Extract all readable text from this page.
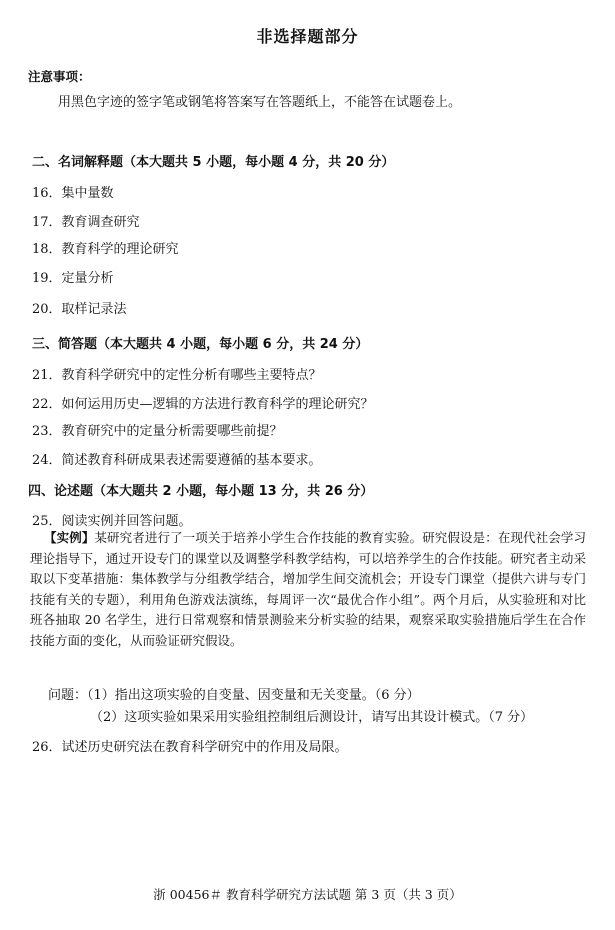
非选择题部分
注意事项：
用黑色字迹的签字笔或钢笔将答案写在答题纸上，不能答在试题卷上。
二、名词解释题（本大题共 5 小题，每小题 4 分，共 20 分）
16．集中量数
17．教育调查研究
18．教育科学的理论研究
19．定量分析
20．取样记录法
三、简答题（本大题共 4 小题，每小题 6 分，共 24 分）
21．教育科学研究中的定性分析有哪些主要特点？
22．如何运用历史—逻辑的方法进行教育科学的理论研究？
23．教育研究中的定量分析需要哪些前提？
24．简述教育科研成果表述需要遵循的基本要求。
四、论述题（本大题共 2 小题，每小题 13 分，共 26 分）
25．阅读实例并回答问题。
【实例】某研究者进行了一项关于培养小学生合作技能的教育实验。研究假设是：在现代社会学习理论指导下，通过开设专门的课堂以及调整学科教学结构，可以培养学生的合作技能。研究者主动采取以下变革措施：集体教学与分组教学结合，增加学生间交流机会；开设专门课堂（提供六讲与专门技能有关的专题），利用角色游戏法演练，每周评一次“最优合作小组”。两个月后，从实验班和对比班各抽取 20 名学生，进行日常观察和情景测验来分析实验的结果，观察采取实验措施后学生在合作技能方面的变化，从而验证研究假设。
问题：（1）指出这项实验的自变量、因变量和无关变量。（6 分）
（2）这项实验如果采用实验组控制组后测设计，请写出其设计模式。（7 分）
26．试述历史研究法在教育科学研究中的作用及局限。
浙 00456＃ 教育科学研究方法试题 第 3 页（共 3 页）
